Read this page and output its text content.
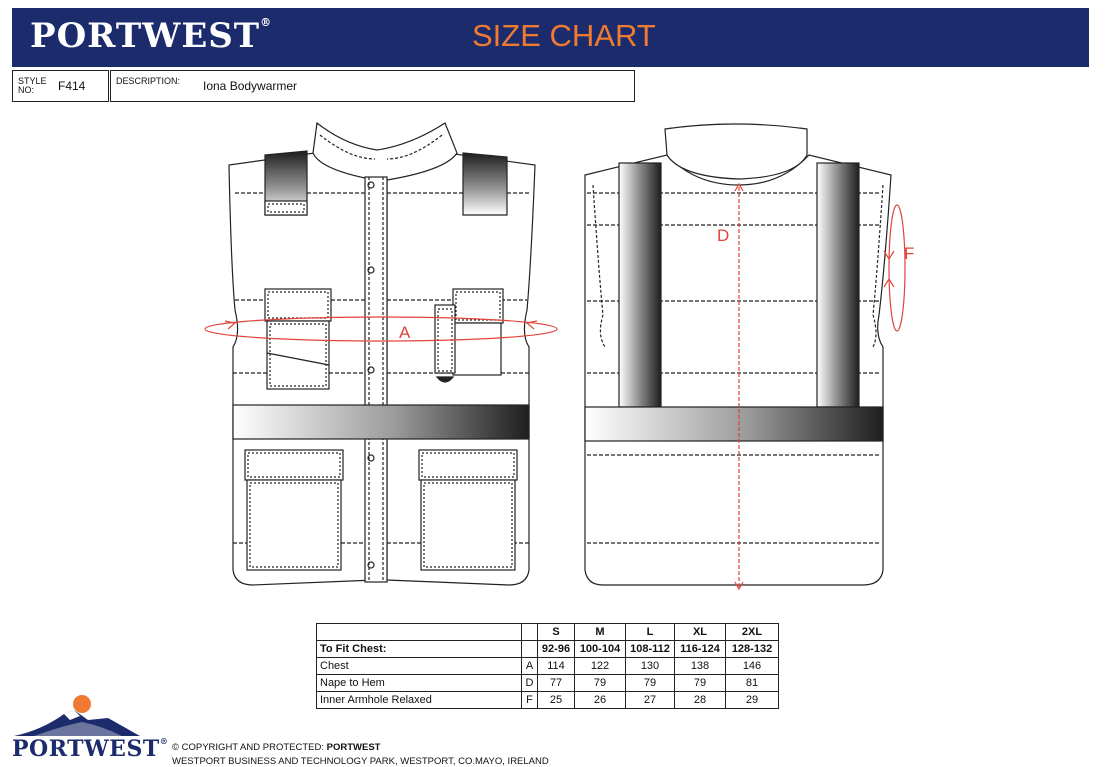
PORTWEST®	SIZE CHART
STYLE NO:	F414	DESCRIPTION: Iona Bodywarmer
A
D
F
		S	M	L	XL	2XL
To Fit Chest:		92-96	100-104	108-112	116-124	128-132
Chest	A	114	122	130	138	146
Nape to Hem	D	77	79	79	79	81
Inner Armhole Relaxed	F	25	26	27	28	29
PORTWEST®
© COPYRIGHT AND PROTECTED: PORTWEST
WESTPORT BUSINESS AND TECHNOLOGY PARK, WESTPORT, CO.MAYO, IRELAND
